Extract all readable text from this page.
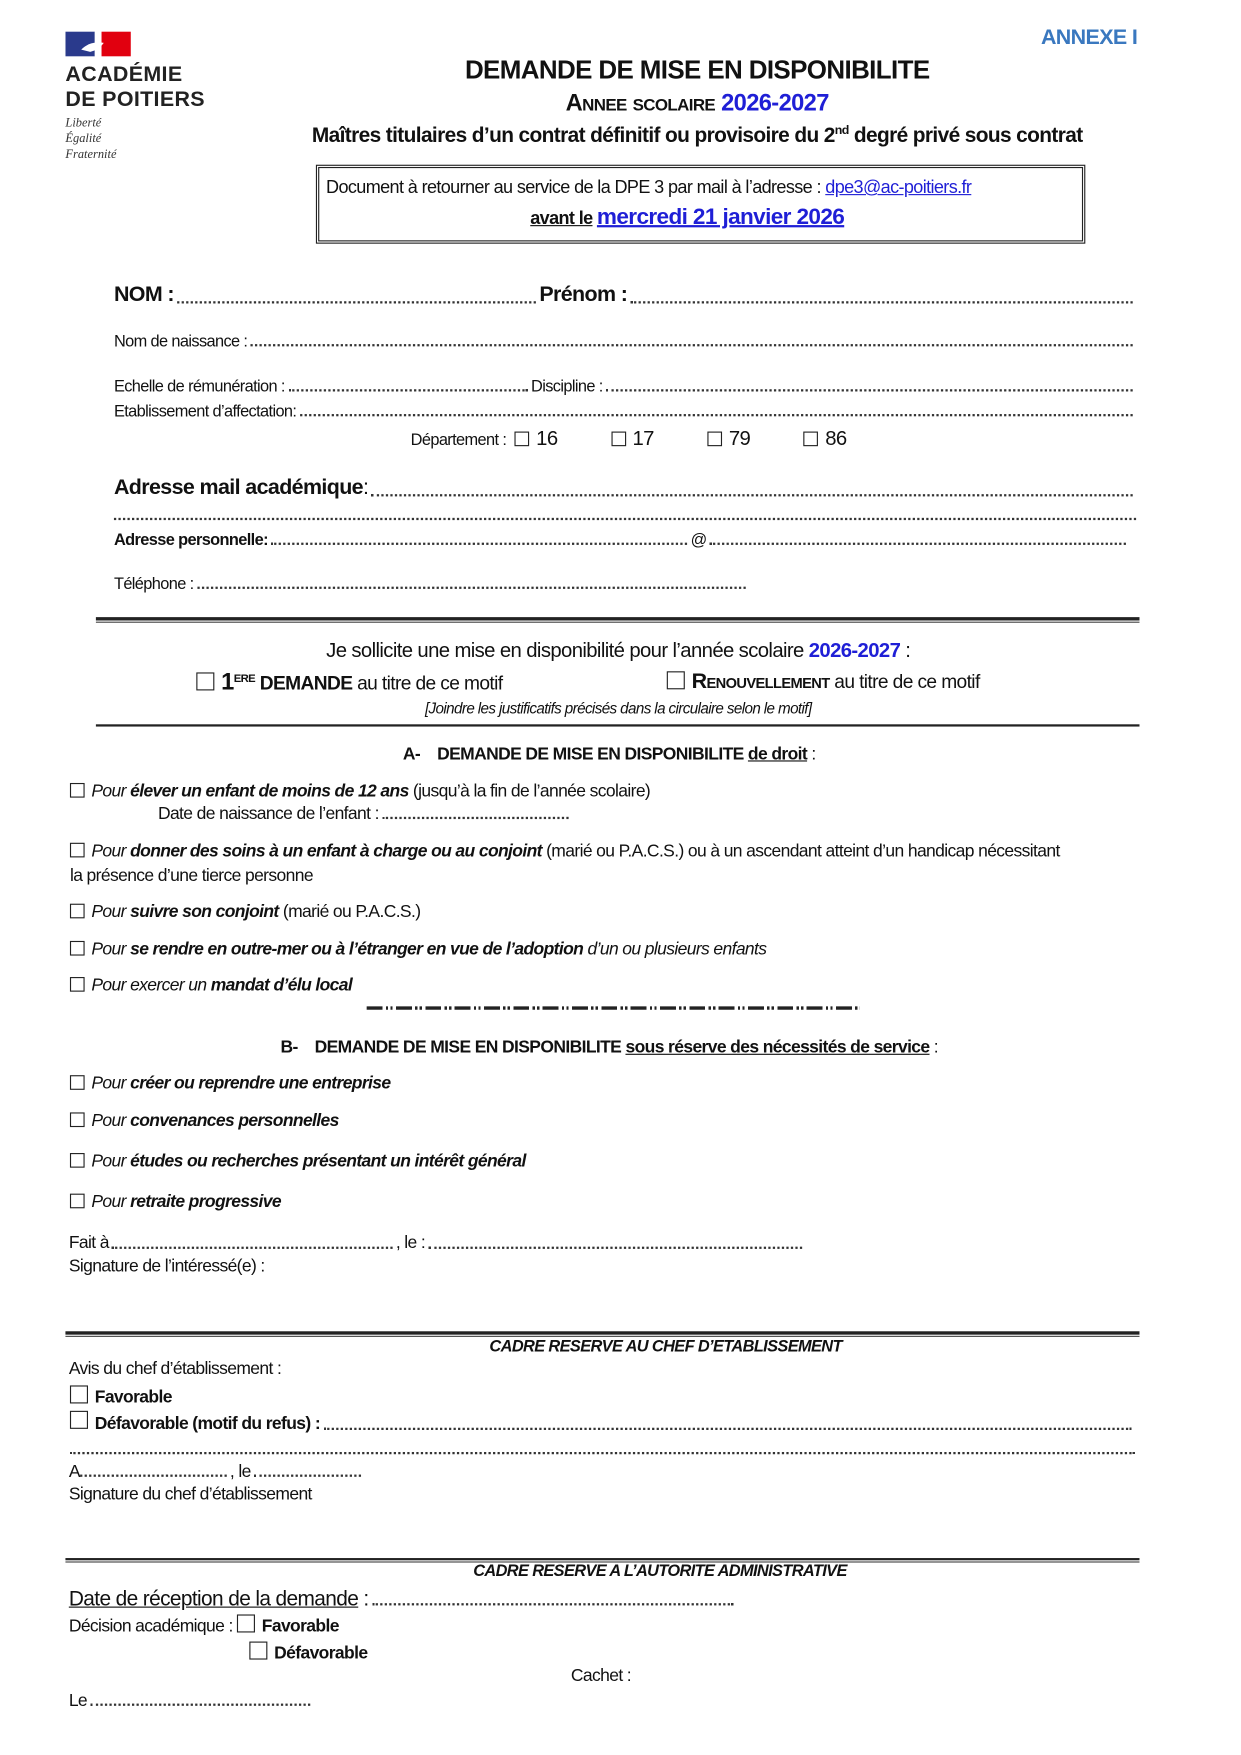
ACADÉMIE
DE POITIERS
Liberté
Égalité
Fraternité
ANNEXE I
DEMANDE DE MISE EN DISPONIBILITE
Annee scolaire 2026-2027
Maîtres titulaires d’un contrat définitif ou provisoire du 2nd degré privé sous contrat
Document à retourner au service de la DPE 3 par mail à l’adresse : dpe3@ac-poitiers.fr
avant le mercredi 21 janvier 2026
NOM :	Prénom :
Nom de naissance :
Echelle de rémunération :	Discipline :
Etablissement d’affectation:
Département : 16	17	79	86
Adresse mail académique :
Adresse personnelle:	@
Téléphone :
Je sollicite une mise en disponibilité pour l’année scolaire 2026-2027 :
1ERE DEMANDE au titre de ce motif	Renouvellement au titre de ce motif
[Joindre les justificatifs précisés dans la circulaire selon le motif]
A- DEMANDE DE MISE EN DISPONIBILITE de droit :
Pour élever un enfant de moins de 12 ans (jusqu’à la fin de l’année scolaire)
Date de naissance de l’enfant :
Pour donner des soins à un enfant à charge ou au conjoint (marié ou P.A.C.S.) ou à un ascendant atteint d’un handicap nécessitant
la présence d’une tierce personne
Pour suivre son conjoint (marié ou P.A.C.S.)
Pour se rendre en outre-mer ou à l’étranger en vue de l’adoption d’un ou plusieurs enfants
Pour exercer un mandat d’élu local
B- DEMANDE DE MISE EN DISPONIBILITE sous réserve des nécessités de service :
Pour créer ou reprendre une entreprise
Pour convenances personnelles
Pour études ou recherches présentant un intérêt général
Pour retraite progressive
Fait à	, le :
Signature de l’intéressé(e) :
CADRE RESERVE AU CHEF D’ETABLISSEMENT
Avis du chef d’établissement :
Favorable
Défavorable (motif du refus) :
A	, le
Signature du chef d’établissement
CADRE RESERVE A L’AUTORITE ADMINISTRATIVE
Date de réception de la demande :
Décision académique : Favorable
Défavorable
Cachet :
Le
